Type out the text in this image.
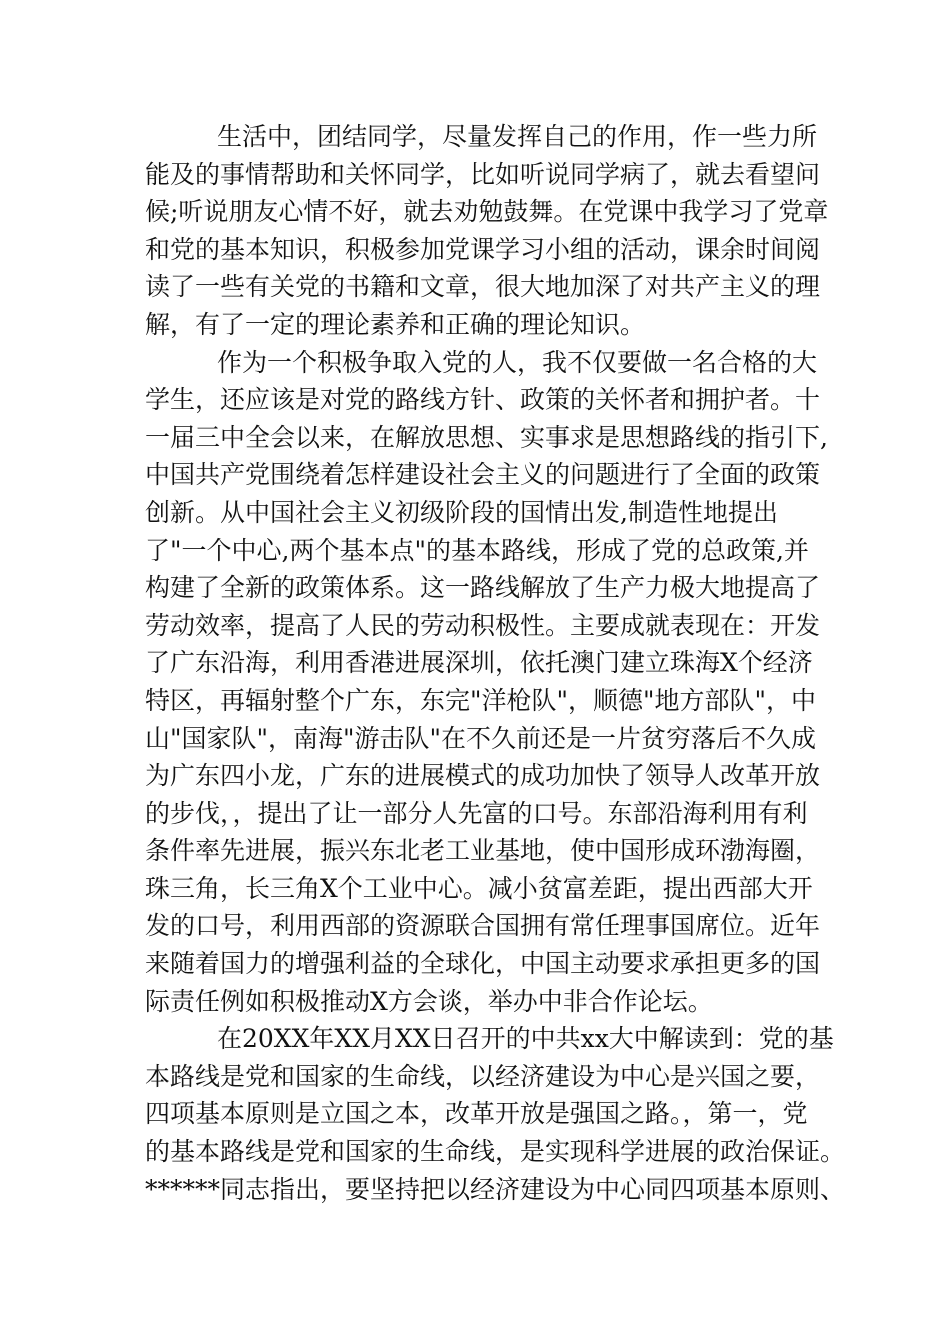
生活中，团结同学，尽量发挥自己的作用，作一些力所
能及的事情帮助和关怀同学，比如听说同学病了，就去看望问
候;听说朋友心情不好，就去劝勉鼓舞。在党课中我学习了党章
和党的基本知识，积极参加党课学习小组的活动，课余时间阅
读了一些有关党的书籍和文章，很大地加深了对共产主义的理
解，有了一定的理论素养和正确的理论知识。
作为一个积极争取入党的人，我不仅要做一名合格的大
学生，还应该是对党的路线方针、政策的关怀者和拥护者。十
一届三中全会以来，在解放思想、实事求是思想路线的指引下,
中国共产党围绕着怎样建设社会主义的问题进行了全面的政策
创新。从中国社会主义初级阶段的国情出发,制造性地提出
了"一个中心,两个基本点"的基本路线，形成了党的总政策,并
构建了全新的政策体系。这一路线解放了生产力极大地提高了
劳动效率，提高了人民的劳动积极性。主要成就表现在：开发
了广东沿海，利用香港进展深圳，依托澳门建立珠海X个经济
特区，再辐射整个广东，东完"洋枪队"，顺德"地方部队"，中
山"国家队"，南海"游击队"在不久前还是一片贫穷落后不久成
为广东四小龙，广东的进展模式的成功加快了领导人改革开放
的步伐，，提出了让一部分人先富的口号。东部沿海利用有利
条件率先进展，振兴东北老工业基地，使中国形成环渤海圈，
珠三角，长三角X个工业中心。减小贫富差距，提出西部大开
发的口号，利用西部的资源联合国拥有常任理事国席位。近年
来随着国力的增强利益的全球化，中国主动要求承担更多的国
际责任例如积极推动X方会谈，举办中非合作论坛。
在20XX年XX月XX日召开的中共xx大中解读到：党的基
本路线是党和国家的生命线，以经济建设为中心是兴国之要，
四项基本原则是立国之本，改革开放是强国之路。，第一，党
的基本路线是党和国家的生命线，是实现科学进展的政治保证。
******同志指出，要坚持把以经济建设为中心同四项基本原则、
